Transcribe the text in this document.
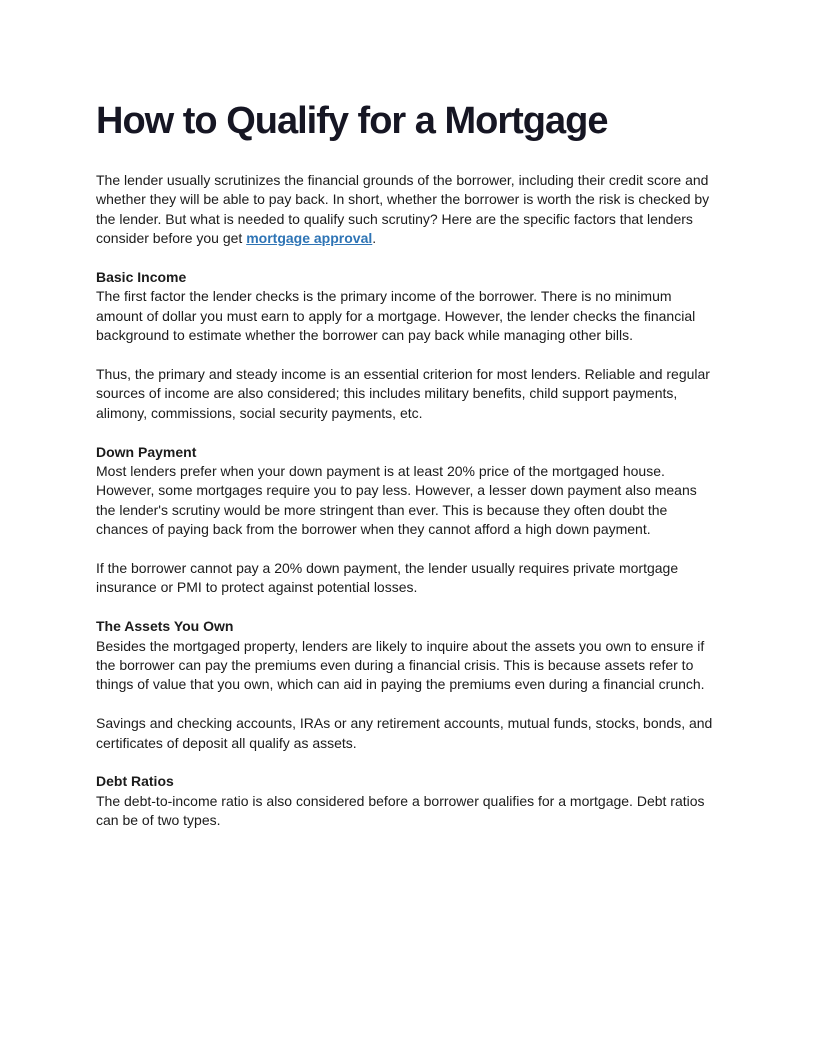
How to Qualify for a Mortgage

The lender usually scrutinizes the financial grounds of the borrower, including their credit score and whether they will be able to pay back. In short, whether the borrower is worth the risk is checked by the lender. But what is needed to qualify such scrutiny? Here are the specific factors that lenders consider before you get mortgage approval.

Basic Income

The first factor the lender checks is the primary income of the borrower. There is no minimum amount of dollar you must earn to apply for a mortgage. However, the lender checks the financial background to estimate whether the borrower can pay back while managing other bills.

Thus, the primary and steady income is an essential criterion for most lenders. Reliable and regular sources of income are also considered; this includes military benefits, child support payments, alimony, commissions, social security payments, etc.

Down Payment

Most lenders prefer when your down payment is at least 20% price of the mortgaged house. However, some mortgages require you to pay less. However, a lesser down payment also means the lender's scrutiny would be more stringent than ever. This is because they often doubt the chances of paying back from the borrower when they cannot afford a high down payment.

If the borrower cannot pay a 20% down payment, the lender usually requires private mortgage insurance or PMI to protect against potential losses.

The Assets You Own

Besides the mortgaged property, lenders are likely to inquire about the assets you own to ensure if the borrower can pay the premiums even during a financial crisis. This is because assets refer to things of value that you own, which can aid in paying the premiums even during a financial crunch.

Savings and checking accounts, IRAs or any retirement accounts, mutual funds, stocks, bonds, and certificates of deposit all qualify as assets.

Debt Ratios

The debt-to-income ratio is also considered before a borrower qualifies for a mortgage. Debt ratios can be of two types.
